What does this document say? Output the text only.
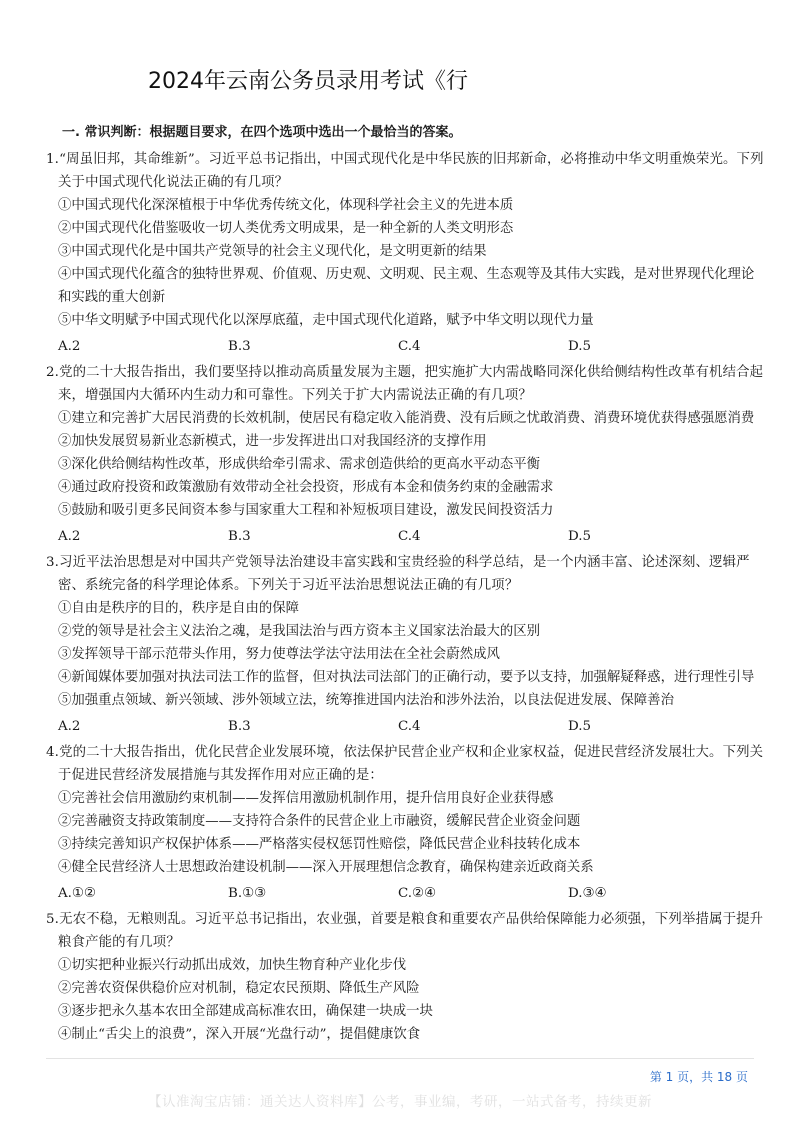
2024年云南公务员录用考试《行
一. 常识判断：根据题目要求，在四个选项中选出一个最恰当的答案。
1.“周虽旧邦，其命维新”。习近平总书记指出，中国式现代化是中华民族的旧邦新命，必将推动中华文明重焕荣光。下列关于中国式现代化说法正确的有几项？
①中国式现代化深深植根于中华优秀传统文化，体现科学社会主义的先进本质
②中国式现代化借鉴吸收一切人类优秀文明成果，是一种全新的人类文明形态
③中国式现代化是中国共产党领导的社会主义现代化，是文明更新的结果
④中国式现代化蕴含的独特世界观、价值观、历史观、文明观、民主观、生态观等及其伟大实践，是对世界现代化理论和实践的重大创新
⑤中华文明赋予中国式现代化以深厚底蕴，走中国式现代化道路，赋予中华文明以现代力量
A.2	B.3	C.4	D.5
2.党的二十大报告指出，我们要坚持以推动高质量发展为主题，把实施扩大内需战略同深化供给侧结构性改革有机结合起来，增强国内大循环内生动力和可靠性。下列关于扩大内需说法正确的有几项？
①建立和完善扩大居民消费的长效机制，使居民有稳定收入能消费、没有后顾之忧敢消费、消费环境优获得感强愿消费
②加快发展贸易新业态新模式，进一步发挥进出口对我国经济的支撑作用
③深化供给侧结构性改革，形成供给牵引需求、需求创造供给的更高水平动态平衡
④通过政府投资和政策激励有效带动全社会投资，形成有本金和债务约束的金融需求
⑤鼓励和吸引更多民间资本参与国家重大工程和补短板项目建设，激发民间投资活力
A.2	B.3	C.4	D.5
3.习近平法治思想是对中国共产党领导法治建设丰富实践和宝贵经验的科学总结，是一个内涵丰富、论述深刻、逻辑严密、系统完备的科学理论体系。下列关于习近平法治思想说法正确的有几项？
①自由是秩序的目的，秩序是自由的保障
②党的领导是社会主义法治之魂，是我国法治与西方资本主义国家法治最大的区别
③发挥领导干部示范带头作用，努力使尊法学法守法用法在全社会蔚然成风
④新闻媒体要加强对执法司法工作的监督，但对执法司法部门的正确行动，要予以支持，加强解疑释惑，进行理性引导
⑤加强重点领域、新兴领域、涉外领域立法，统筹推进国内法治和涉外法治，以良法促进发展、保障善治
A.2	B.3	C.4	D.5
4.党的二十大报告指出，优化民营企业发展环境，依法保护民营企业产权和企业家权益，促进民营经济发展壮大。下列关于促进民营经济发展措施与其发挥作用对应正确的是：
①完善社会信用激励约束机制——发挥信用激励机制作用，提升信用良好企业获得感
②完善融资支持政策制度——支持符合条件的民营企业上市融资，缓解民营企业资金问题
③持续完善知识产权保护体系——严格落实侵权惩罚性赔偿，降低民营企业科技转化成本
④健全民营经济人士思想政治建设机制——深入开展理想信念教育，确保构建亲近政商关系
A.①②	B.①③	C.②④	D.③④
5.无农不稳，无粮则乱。习近平总书记指出，农业强，首要是粮食和重要农产品供给保障能力必须强，下列举措属于提升粮食产能的有几项？
①切实把种业振兴行动抓出成效，加快生物育种产业化步伐
②完善农资保供稳价应对机制，稳定农民预期、降低生产风险
③逐步把永久基本农田全部建成高标准农田，确保建一块成一块
④制止“舌尖上的浪费”，深入开展“光盘行动”，提倡健康饮食
第 1 页，共 18 页
【认准淘宝店铺：通关达人资料库】公考，事业编，考研，一站式备考，持续更新
